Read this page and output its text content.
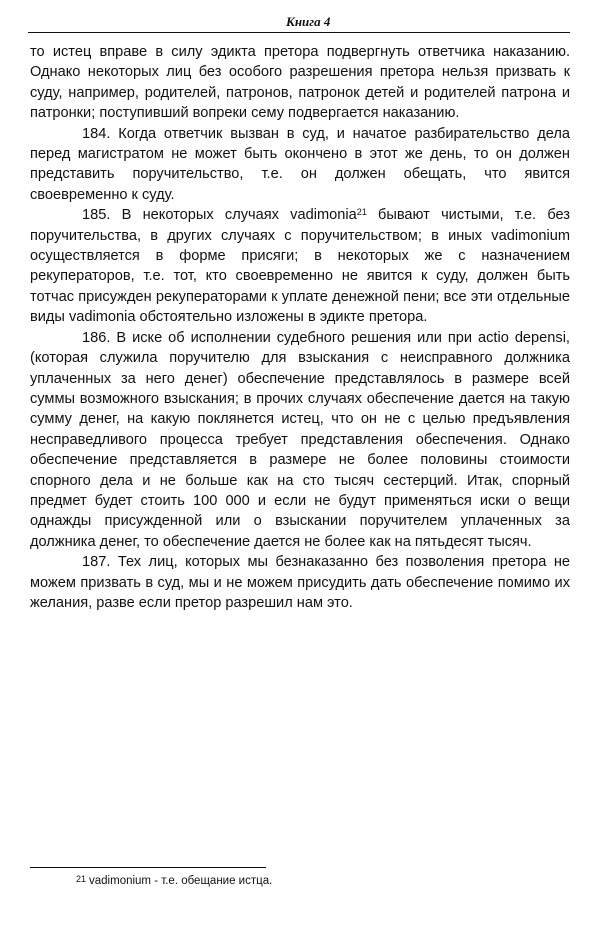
Книга 4

то истец вправе в силу эдикта претора подвергнуть ответчика наказанию. Однако некоторых лиц без особого разрешения претора нельзя призвать к суду, например, родителей, патронов, патронок детей и родителей патрона и патронки; поступивший вопреки сему подвергается наказанию.

184. Когда ответчик вызван в суд, и начатое разбирательство дела перед магистратом не может быть окончено в этот же день, то он должен представить поручительство, т.е. он должен обещать, что явится своевременно к суду.

185. В некоторых случаях vadimonia$^{21}$ бывают чистыми, т.е. без поручительства, в других случаях с поручительством; в иных vadimonium осуществляется в форме присяги; в некоторых же с назначением рекуператоров, т.е. тот, кто своевременно не явится к суду, должен быть тотчас присужден рекуператорами к уплате денежной пени; все эти отдельные виды vadimonia обстоятельно изложены в эдикте претора.

186. В иске об исполнении судебного решения или при actio depensi, (которая служила поручителю для взыскания с неисправного должника уплаченных за него денег) обеспечение представлялось в размере всей суммы возможного взыскания; в прочих случаях обеспечение дается на такую сумму денег, на какую поклянется истец, что он не с целью предъявления несправедливого процесса требует представления обеспечения. Однако обеспечение представляется в размере не более половины стоимости спорного дела и не больше как на сто тысяч сестерций. Итак, спорный предмет будет стоить 100 000 и если не будут применяться иски о вещи однажды присужденной или о взыскании поручителем уплаченных за должника денег, то обеспечение дается не более как на пятьдесят тысяч.

187. Тех лиц, которых мы безнаказанно без позволения претора не можем призвать в суд, мы и не можем присудить дать обеспечение помимо их желания, разве если претор разрешил нам это.

$^{21}$ vadimonium - т.е. обещание истца.
